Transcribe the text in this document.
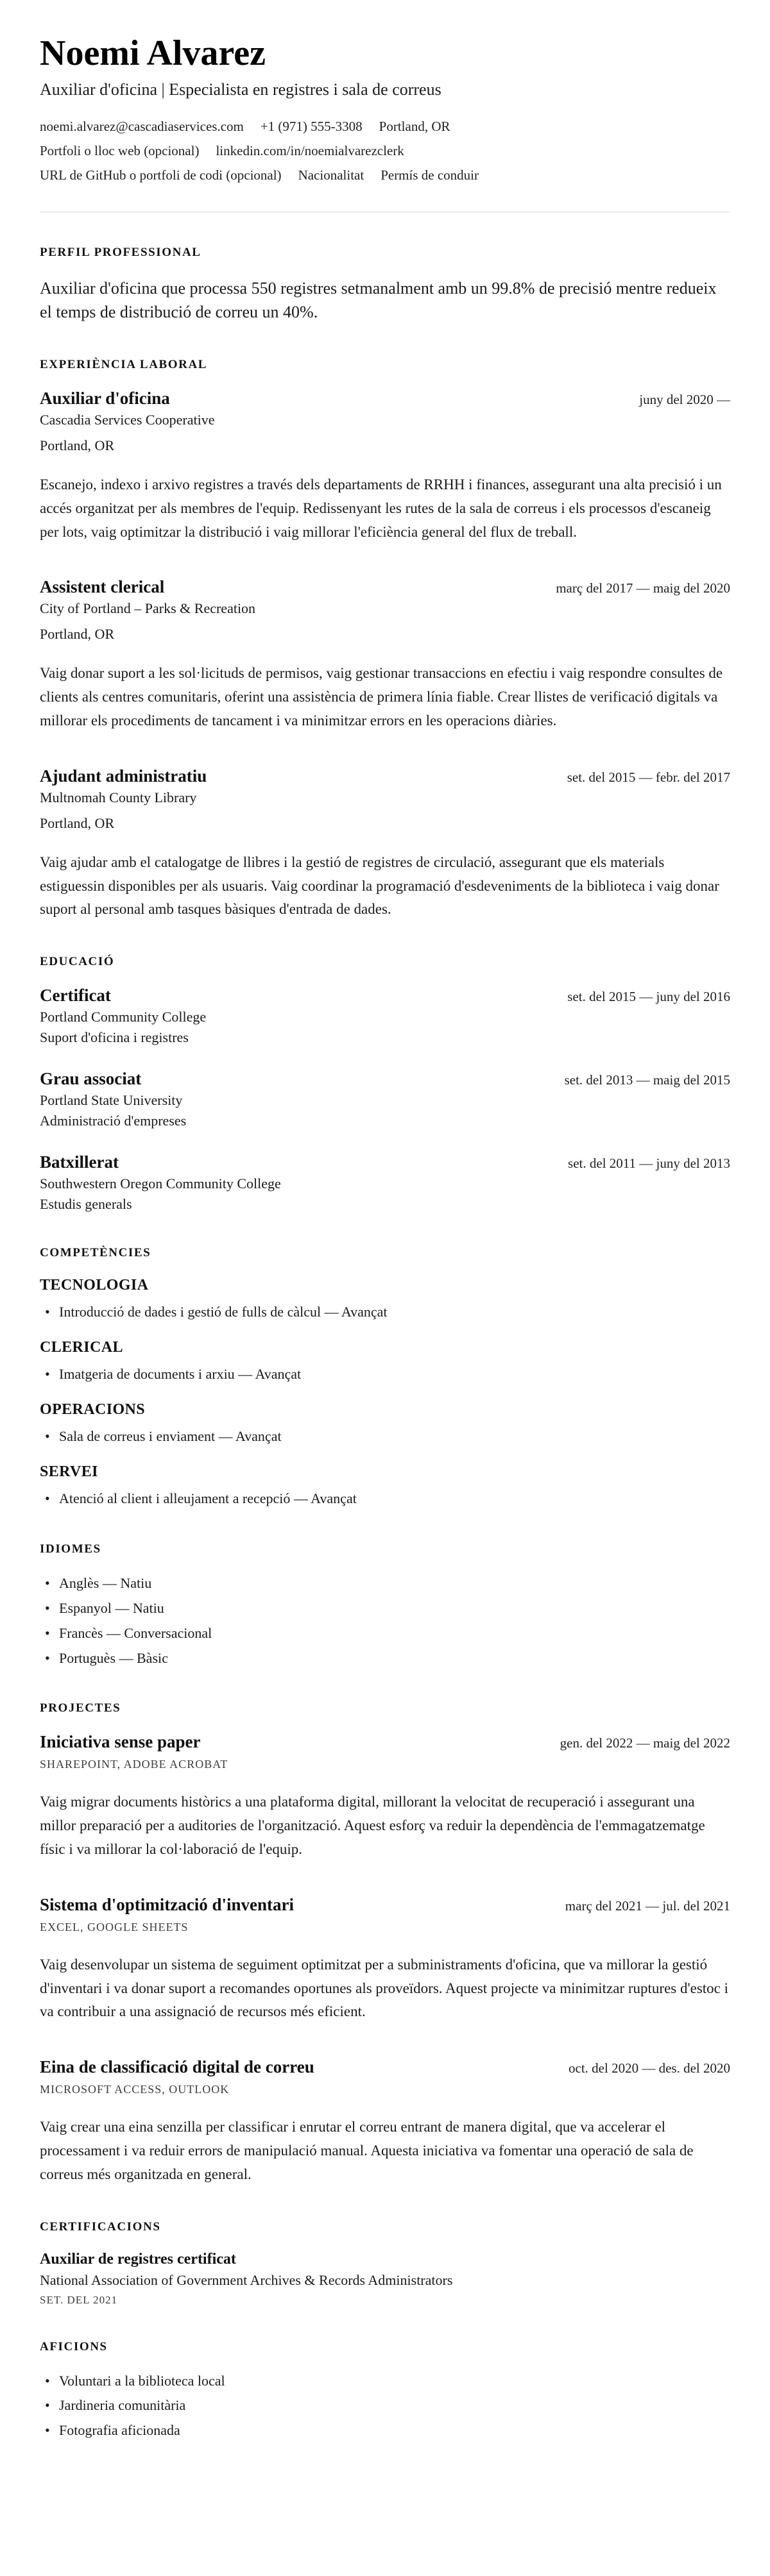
Noemi Alvarez

Auxiliar d'oficina | Especialista en registres i sala de correus

noemi.alvarez@cascadiaservices.com +1 (971) 555-3308 Portland, OR
Portfoli o lloc web (opcional) linkedin.com/in/noemialvarezclerk
URL de GitHub o portfoli de codi (opcional) Nacionalitat Permís de conduir
PERFIL PROFESSIONAL

Auxiliar d'oficina que processa 550 registres setmanalment amb un 99.8% de precisió mentre redueix el temps de distribució de correu un 40%.

EXPERIÈNCIA LABORAL
Auxiliar d'oficina	juny del 2020 —

Cascadia Services Cooperative

Portland, OR

Escanejo, indexo i arxivo registres a través dels departaments de RRHH i finances, assegurant una alta precisió i un accés organitzat per als membres de l'equip. Redissenyant les rutes de la sala de correus i els processos d'escaneig per lots, vaig optimitzar la distribució i vaig millorar l'eficiència general del flux de treball.

Assistent clerical	març del 2017 — maig del 2020

City of Portland – Parks & Recreation

Portland, OR

Vaig donar suport a les sol·licituds de permisos, vaig gestionar transaccions en efectiu i vaig respondre consultes de clients als centres comunitaris, oferint una assistència de primera línia fiable. Crear llistes de verificació digitals va millorar els procediments de tancament i va minimitzar errors en les operacions diàries.

Ajudant administratiu	set. del 2015 — febr. del 2017

Multnomah County Library

Portland, OR

Vaig ajudar amb el catalogatge de llibres i la gestió de registres de circulació, assegurant que els materials estiguessin disponibles per als usuaris. Vaig coordinar la programació d'esdeveniments de la biblioteca i vaig donar suport al personal amb tasques bàsiques d'entrada de dades.

EDUCACIÓ
Certificat	set. del 2015 — juny del 2016

Portland Community College

Suport d'oficina i registres

Grau associat	set. del 2013 — maig del 2015

Portland State University

Administració d'empreses

Batxillerat	set. del 2011 — juny del 2013

Southwestern Oregon Community College

Estudis generals

COMPETÈNCIES
TECNOLOGIA
• Introducció de dades i gestió de fulls de càlcul — Avançat
CLERICAL
• Imatgeria de documents i arxiu — Avançat
OPERACIONS
• Sala de correus i enviament — Avançat
SERVEI
• Atenció al client i alleujament a recepció — Avançat
IDIOMES
• Anglès — Natiu
• Espanyol — Natiu
• Francès — Conversacional
• Portuguès — Bàsic
PROJECTES
Iniciativa sense paper	gen. del 2022 — maig del 2022

SHAREPOINT, ADOBE ACROBAT

Vaig migrar documents històrics a una plataforma digital, millorant la velocitat de recuperació i assegurant una millor preparació per a auditories de l'organització. Aquest esforç va reduir la dependència de l'emmagatzematge físic i va millorar la col·laboració de l'equip.

Sistema d'optimització d'inventari	març del 2021 — jul. del 2021

EXCEL, GOOGLE SHEETS

Vaig desenvolupar un sistema de seguiment optimitzat per a subministraments d'oficina, que va millorar la gestió d'inventari i va donar suport a recomandes oportunes als proveïdors. Aquest projecte va minimitzar ruptures d'estoc i va contribuir a una assignació de recursos més eficient.

Eina de classificació digital de correu	oct. del 2020 — des. del 2020

MICROSOFT ACCESS, OUTLOOK

Vaig crear una eina senzilla per classificar i enrutar el correu entrant de manera digital, que va accelerar el processament i va reduir errors de manipulació manual. Aquesta iniciativa va fomentar una operació de sala de correus més organitzada en general.

CERTIFICACIONS

Auxiliar de registres certificat

National Association of Government Archives & Records Administrators

SET. DEL 2021

AFICIONS
• Voluntari a la biblioteca local
• Jardineria comunitària
• Fotografia aficionada
